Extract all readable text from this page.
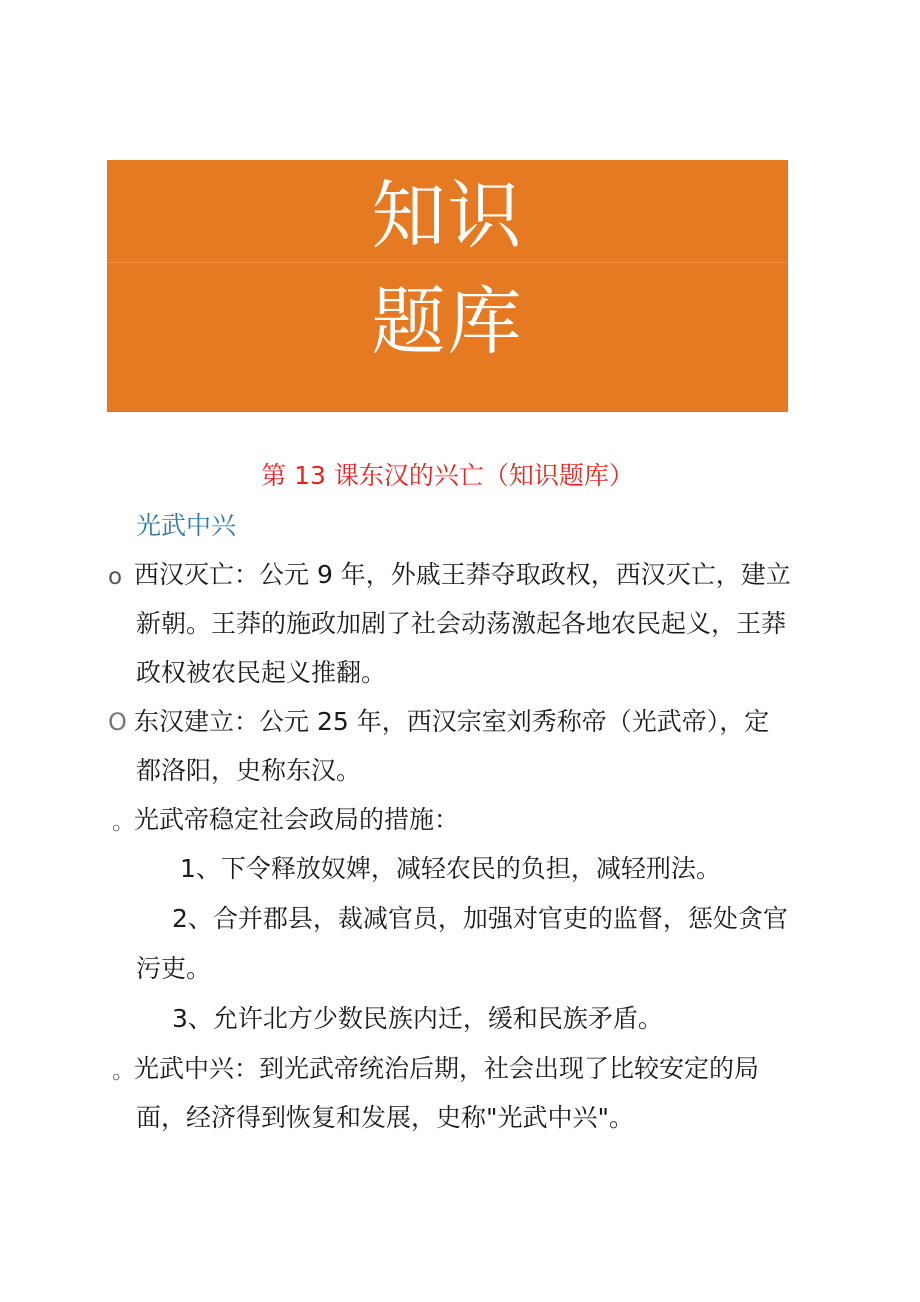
知识
题库
第 13 课东汉的兴亡（知识题库）
光武中兴
o 西汉灭亡：公元 9 年，外戚王莽夺取政权，西汉灭亡，建立
新朝。王莽的施政加剧了社会动荡激起各地农民起义，王莽
政权被农民起义推翻。
O 东汉建立：公元 25 年，西汉宗室刘秀称帝（光武帝），定
都洛阳，史称东汉。
。 光武帝稳定社会政局的措施：
1、下令释放奴婢，减轻农民的负担，减轻刑法。
2、合并郡县，裁减官员，加强对官吏的监督，惩处贪官
污吏。
3、允许北方少数民族内迁，缓和民族矛盾。
。 光武中兴：到光武帝统治后期，社会出现了比较安定的局
面，经济得到恢复和发展，史称"光武中兴"。
